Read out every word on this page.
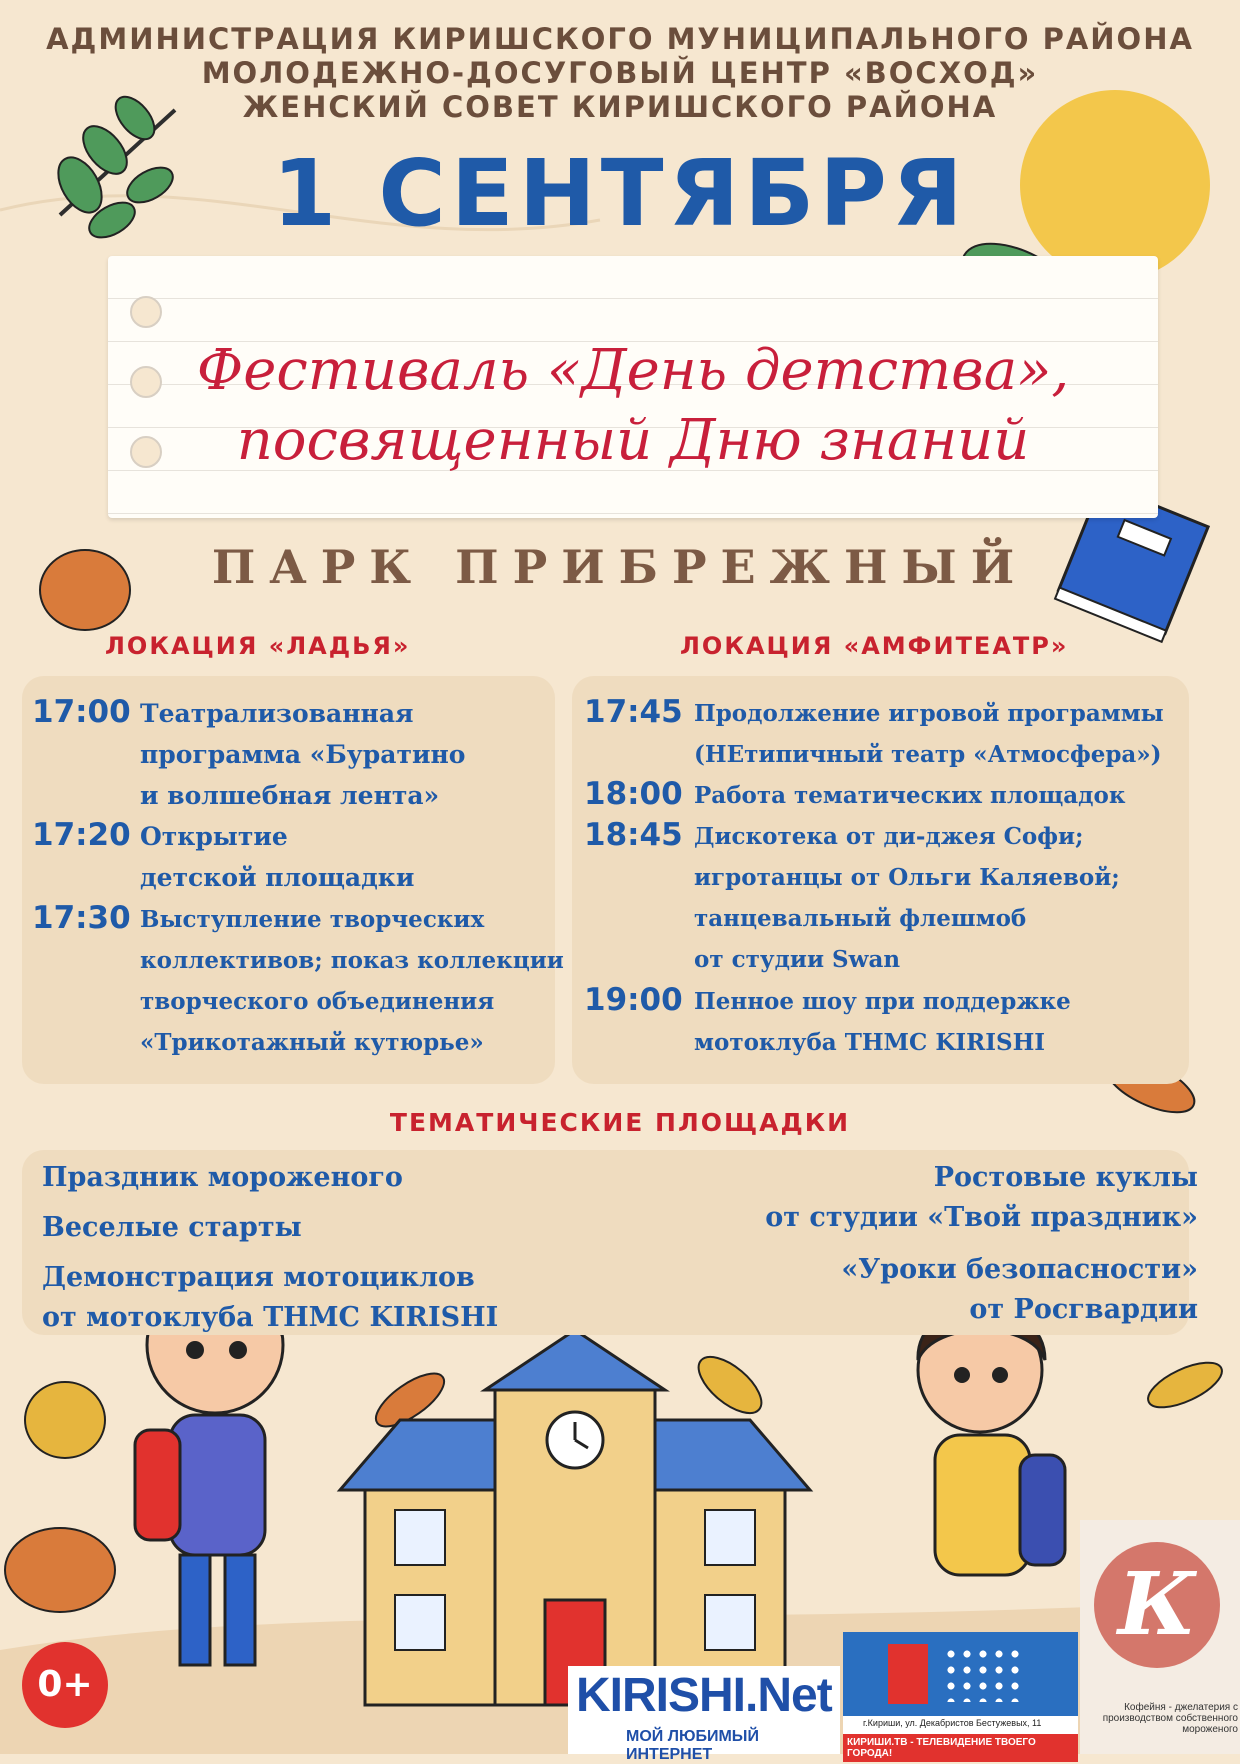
АДМИНИСТРАЦИЯ КИРИШСКОГО МУНИЦИПАЛЬНОГО РАЙОНА
МОЛОДЕЖНО-ДОСУГОВЫЙ ЦЕНТР «ВОСХОД»
ЖЕНСКИЙ СОВЕТ КИРИШСКОГО РАЙОНА
1 СЕНТЯБРЯ
Фестиваль «День детства»,
посвященный Дню знаний
ПАРК ПРИБРЕЖНЫЙ
ЛОКАЦИЯ «ЛАДЬЯ»	ЛОКАЦИЯ «АМФИТЕАТР»
17:00 Театрализованная
программа «Буратино
и волшебная лента»
17:20 Открытие
детской площадки
17:30 Выступление творческих
коллективов; показ коллекции
творческого объединения
«Трикотажный кутюрье»
17:45 Продолжение игровой программы
(НЕтипичный театр «Атмосфера»)
18:00 Работа тематических площадок
18:45 Дискотека от ди-джея Софи;
игротанцы от Ольги Каляевой;
танцевальный флешмоб
от студии Swan
19:00 Пенное шоу при поддержке
мотоклуба ТНМС KIRISHI
ТЕМАТИЧЕСКИЕ ПЛОЩАДКИ
Праздник мороженого
Веселые старты
Демонстрация мотоциклов
от мотоклуба ТНМС KIRISHI
Ростовые куклы
от студии «Твой праздник»
«Уроки безопасности»
от Росгвардии
0+	KIRISHI.Net
МОЙ ЛЮБИМЫЙ ИНТЕРНЕТ
г.Кириши, ул. Декабристов Бестужевых, 11
КИРИШИ.ТВ - ТЕЛЕВИДЕНИЕ ТВОЕГО ГОРОДА!
К
Кофейня - джелатерия с производством собственного мороженого
